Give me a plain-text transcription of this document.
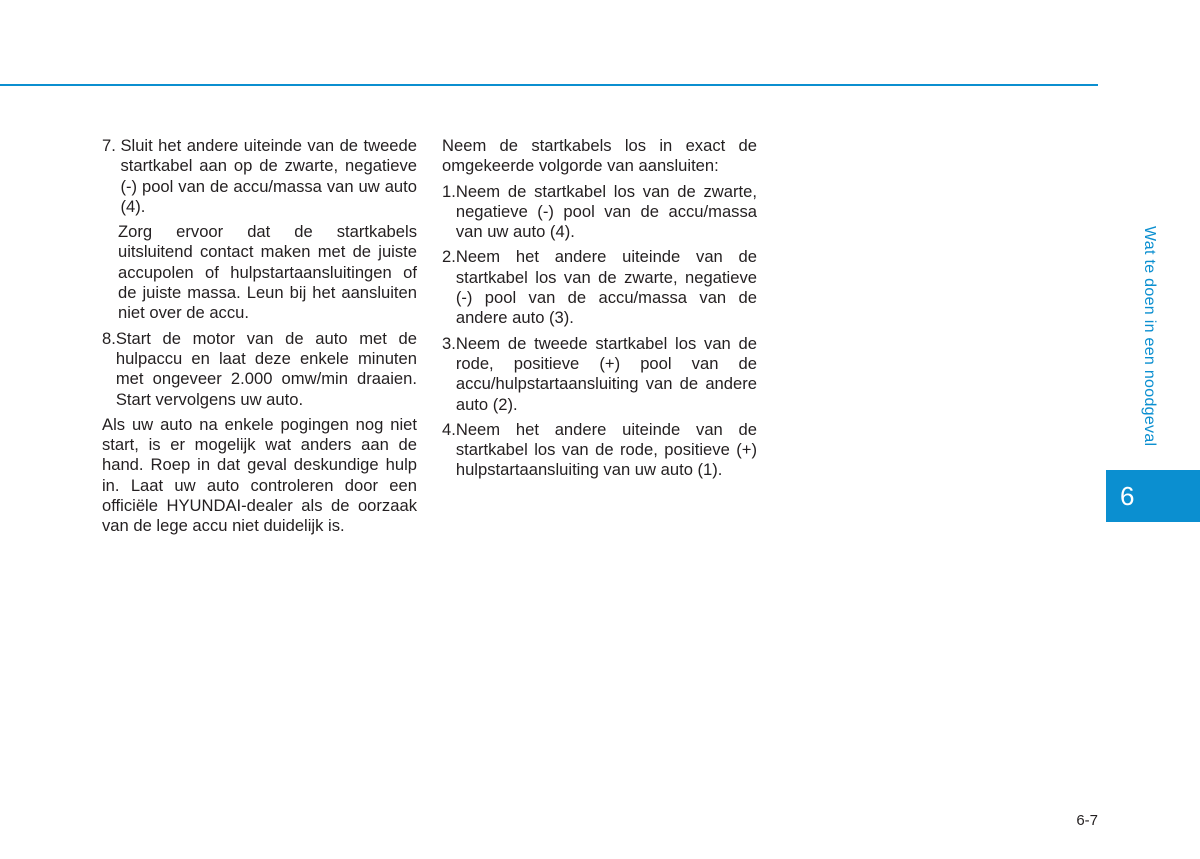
7. Sluit het andere uiteinde van de tweede startkabel aan op de zwarte, negatieve (-) pool van de accu/massa van uw auto (4).

Zorg ervoor dat de startkabels uitsluitend contact maken met de juiste accupolen of hulpstartaansluitingen of de juiste massa. Leun bij het aansluiten niet over de accu.

8. Start de motor van de auto met de hulpaccu en laat deze enkele minuten met ongeveer 2.000 omw/min draaien. Start vervolgens uw auto.

Als uw auto na enkele pogingen nog niet start, is er mogelijk wat anders aan de hand. Roep in dat geval deskundige hulp in. Laat uw auto controleren door een officiële HYUNDAI-dealer als de oorzaak van de lege accu niet duidelijk is.

Neem de startkabels los in exact de omgekeerde volgorde van aansluiten:

1. Neem de startkabel los van de zwarte, negatieve (-) pool van de accu/massa van uw auto (4).
2. Neem het andere uiteinde van de startkabel los van de zwarte, negatieve (-) pool van de accu/massa van de andere auto (3).
3. Neem de tweede startkabel los van de rode, positieve (+) pool van de accu/hulpstartaansluiting van de andere auto (2).
4. Neem het andere uiteinde van de startkabel los van de rode, positieve (+) hulpstartaansluiting van uw auto (1).
Wat te doen in een noodgeval
6
6-7
